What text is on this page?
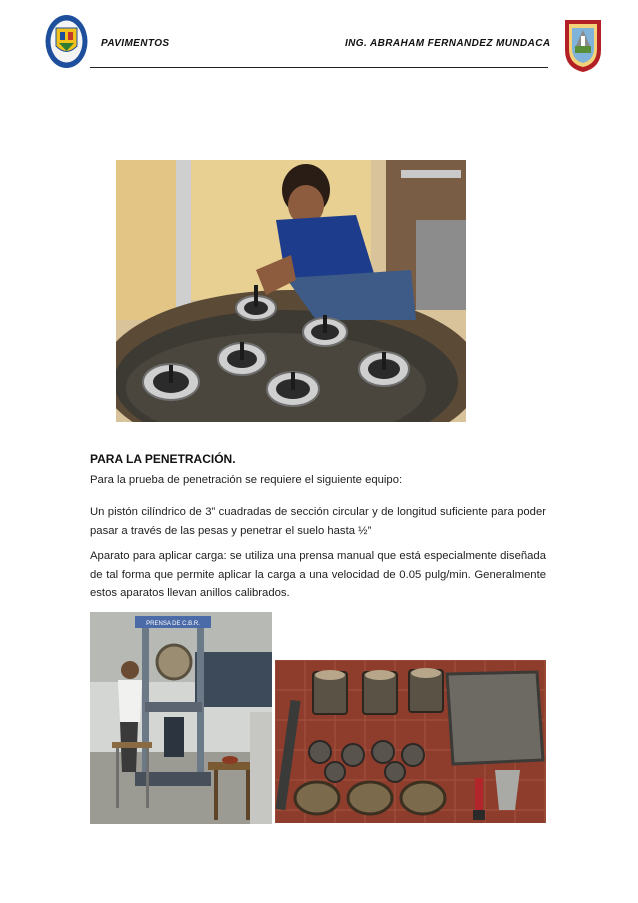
PAVIMENTOS	ING. ABRAHAM FERNANDEZ MUNDACA
PARA LA PENETRACIÓN.

Para la prueba de penetración se requiere el siguiente equipo:

Un pistón cilíndrico de 3” cuadradas de sección circular y de longitud suficiente para poder pasar a través de las pesas y penetrar el suelo hasta ½”

Aparato para aplicar carga: se utiliza una prensa manual que está especialmente diseñada de tal forma que permite aplicar la carga a una velocidad de 0.05 pulg/min. Generalmente estos aparatos llevan anillos calibrados.

PRENSA DE C.B.R.
